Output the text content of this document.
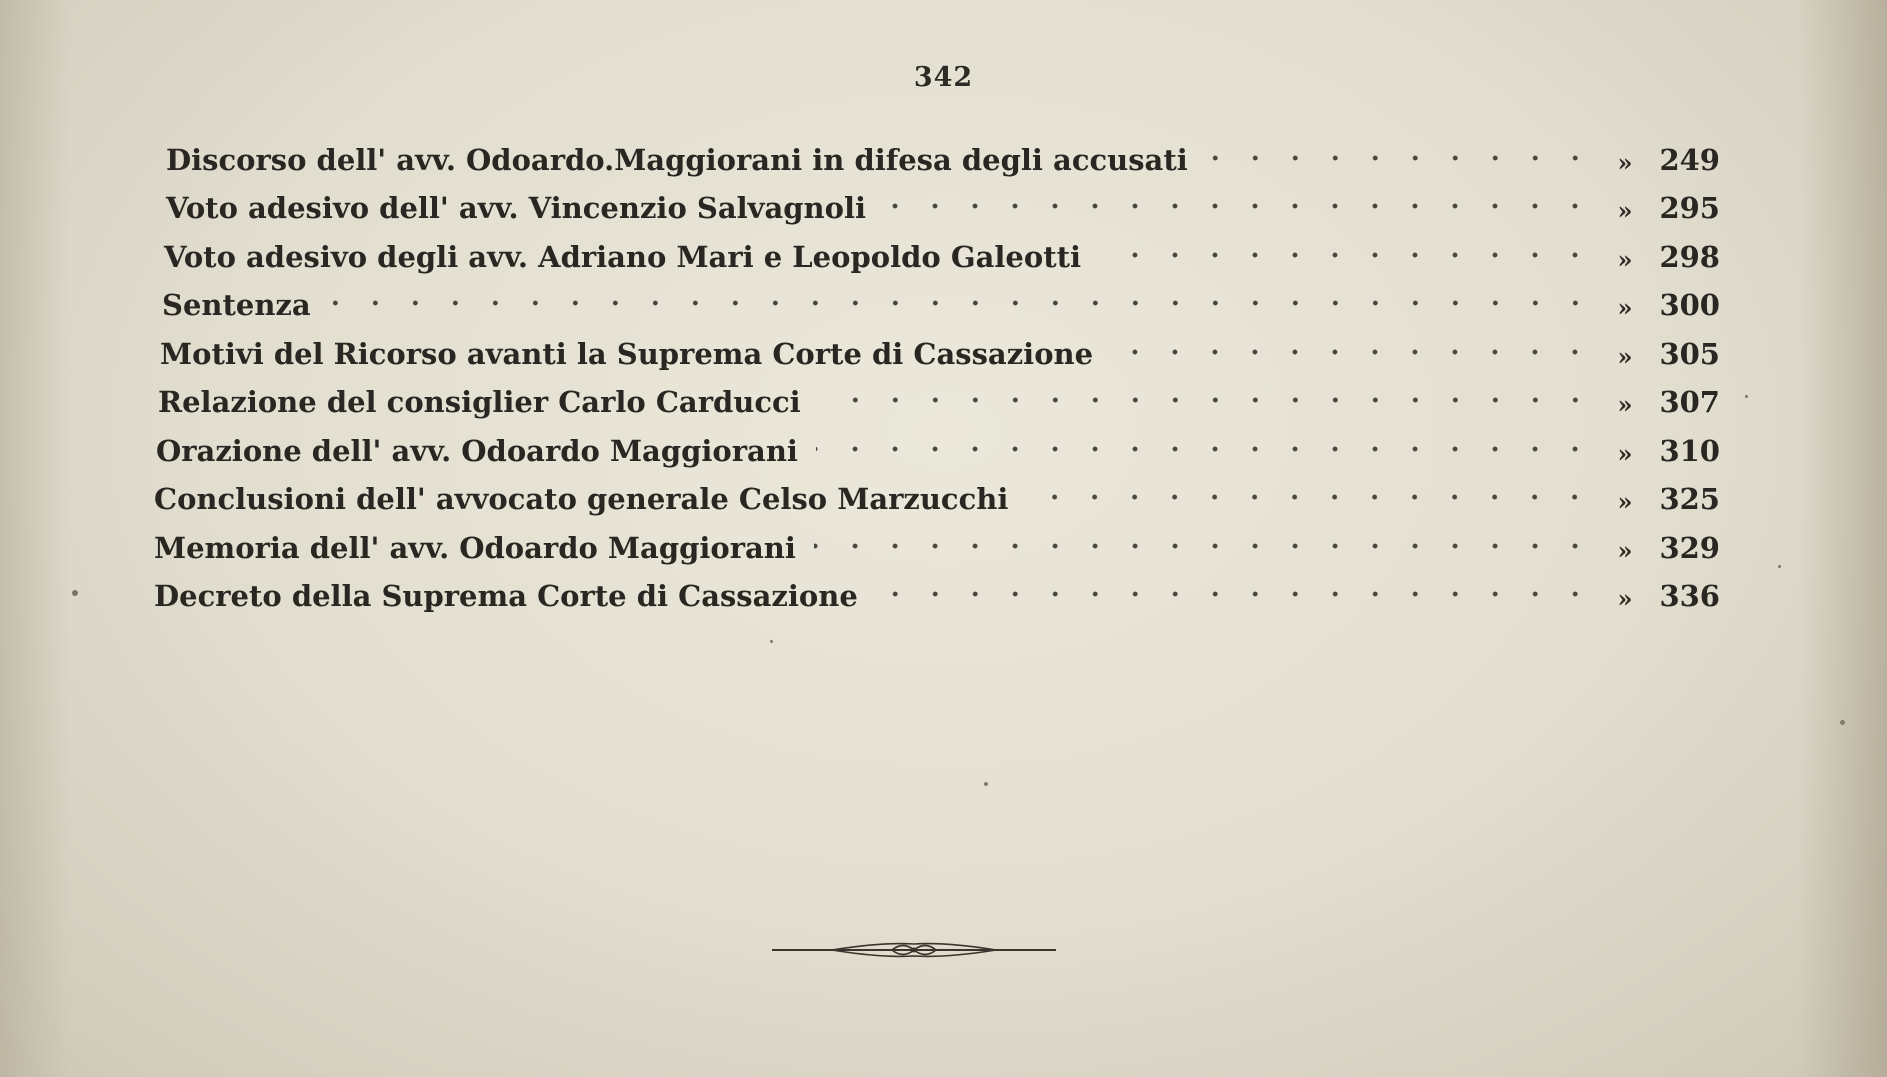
342
Discorso dell' avv. Odoardo.Maggiorani in difesa degli accusati	» 249
Voto adesivo dell' avv. Vincenzio Salvagnoli	» 295
Voto adesivo degli avv. Adriano Mari e Leopoldo Galeotti	» 298
Sentenza	» 300
Motivi del Ricorso avanti la Suprema Corte di Cassazione	» 305
Relazione del consiglier Carlo Carducci	» 307
Orazione dell' avv. Odoardo Maggiorani	» 310
Conclusioni dell' avvocato generale Celso Marzucchi	» 325
Memoria dell' avv. Odoardo Maggiorani	» 329
Decreto della Suprema Corte di Cassazione	» 336
